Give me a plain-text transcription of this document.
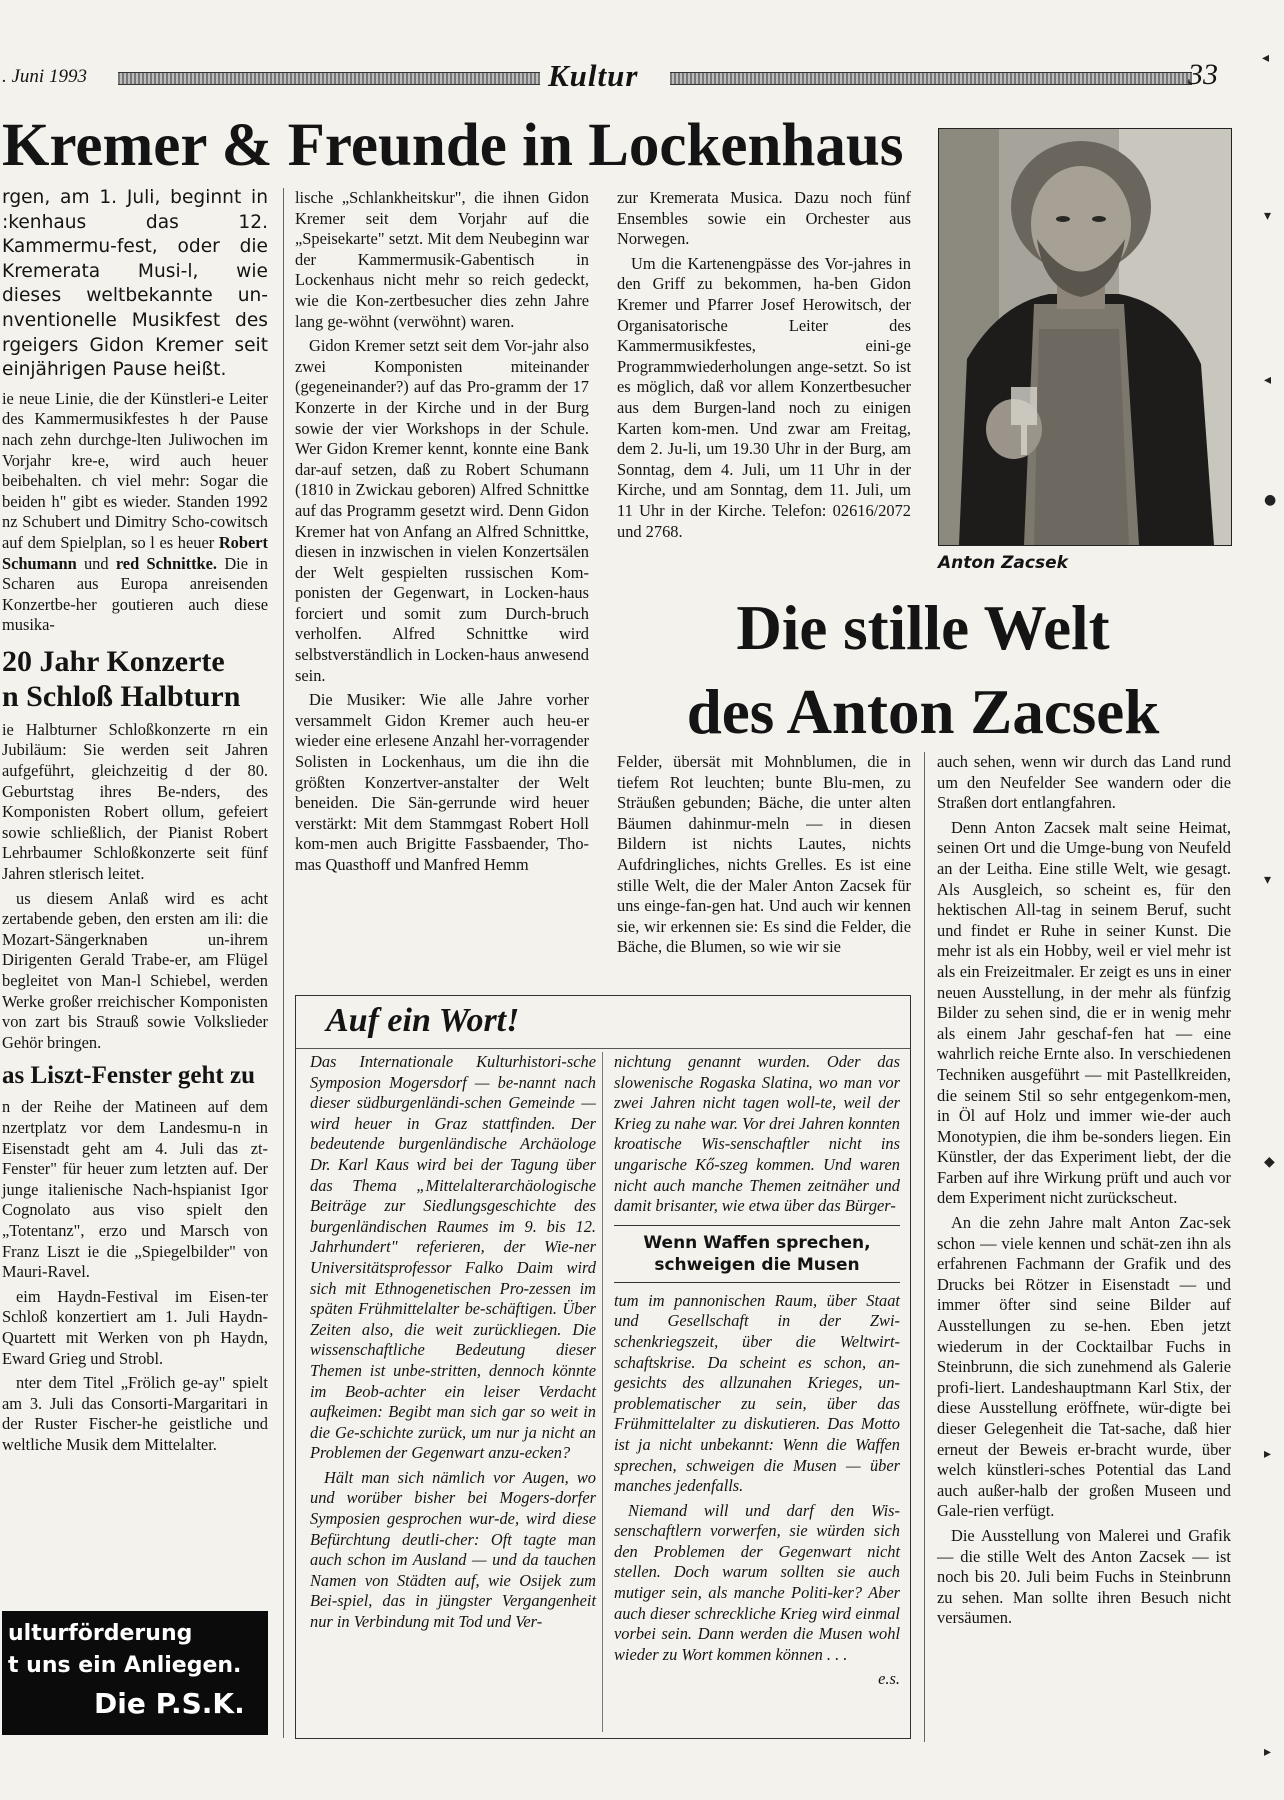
. Juni 1993	Kultur	33
Kremer & Freunde in Lockenhaus
rgen, am 1. Juli, beginnt in :kenhaus das 12. Kammermu-fest, oder die Kremerata Musi-l, wie dieses weltbekannte un-nventionelle Musikfest des rgeigers Gidon Kremer seit einjährigen Pause heißt.

ie neue Linie, die der Künstleri-e Leiter des Kammermusikfestes h der Pause nach zehn durchge-lten Juliwochen im Vorjahr kre-e, wird auch heuer beibehalten. ch viel mehr: Sogar die beiden h" gibt es wieder. Standen 1992 nz Schubert und Dimitry Scho-cowitsch auf dem Spielplan, so l es heuer Robert Schumann und red Schnittke. Die in Scharen aus Europa anreisenden Konzertbe-her goutieren auch diese musika-

20 Jahr Konzerte
n Schloß Halbturn

ie Halbturner Schloßkonzerte rn ein Jubiläum: Sie werden seit Jahren aufgeführt, gleichzeitig d der 80. Geburtstag ihres Be-nders, des Komponisten Robert ollum, gefeiert sowie schließlich, der Pianist Robert Lehrbaumer Schloßkonzerte seit fünf Jahren stlerisch leitet.

us diesem Anlaß wird es acht zertabende geben, den ersten am ili: die Mozart-Sängerknaben un-ihrem Dirigenten Gerald Trabe-er, am Flügel begleitet von Man-l Schiebel, werden Werke großer rreichischer Komponisten von zart bis Strauß sowie Volkslieder Gehör bringen.

as Liszt-Fenster geht zu

n der Reihe der Matineen auf dem nzertplatz vor dem Landesmu-n in Eisenstadt geht am 4. Juli das zt-Fenster" für heuer zum letzten auf. Der junge italienische Nach-hspianist Igor Cognolato aus viso spielt den „Totentanz", erzo und Marsch von Franz Liszt ie die „Spiegelbilder" von Mauri-Ravel.

eim Haydn-Festival im Eisen-ter Schloß konzertiert am 1. Juli Haydn-Quartett mit Werken von ph Haydn, Eward Grieg und Strobl.

nter dem Titel „Frölich ge-ay" spielt am 3. Juli das Consorti-Margaritari in der Ruster Fischer-he geistliche und weltliche Musik dem Mittelalter.

ulturförderung
t uns ein Anliegen.
Die P.S.K.

lische „Schlankheitskur", die ihnen Gidon Kremer seit dem Vorjahr auf die „Speisekarte" setzt. Mit dem Neubeginn war der Kammermusik-Gabentisch in Lockenhaus nicht mehr so reich gedeckt, wie die Kon-zertbesucher dies zehn Jahre lang ge-wöhnt (verwöhnt) waren.

Gidon Kremer setzt seit dem Vor-jahr also zwei Komponisten miteinander (gegeneinander?) auf das Pro-gramm der 17 Konzerte in der Kirche und in der Burg sowie der vier Workshops in der Schule. Wer Gidon Kremer kennt, konnte eine Bank dar-auf setzen, daß zu Robert Schumann (1810 in Zwickau geboren) Alfred Schnittke auf das Programm gesetzt wird. Denn Gidon Kremer hat von Anfang an Alfred Schnittke, diesen in inzwischen in vielen Konzertsälen der Welt gespielten russischen Kom-ponisten der Gegenwart, in Locken-haus forciert und somit zum Durch-bruch verholfen. Alfred Schnittke wird selbstverständlich in Locken-haus anwesend sein.

Die Musiker: Wie alle Jahre vorher versammelt Gidon Kremer auch heu-er wieder eine erlesene Anzahl her-vorragender Solisten in Lockenhaus, um die ihn die größten Konzertver-anstalter der Welt beneiden. Die Sän-gerrunde wird heuer verstärkt: Mit dem Stammgast Robert Holl kom-men auch Brigitte Fassbaender, Tho-mas Quasthoff und Manfred Hemm

zur Kremerata Musica. Dazu noch fünf Ensembles sowie ein Orchester aus Norwegen.

Um die Kartenengpässe des Vor-jahres in den Griff zu bekommen, ha-ben Gidon Kremer und Pfarrer Josef Herowitsch, der Organisatorische Leiter des Kammermusikfestes, eini-ge Programmwiederholungen ange-setzt. So ist es möglich, daß vor allem Konzertbesucher aus dem Burgen-land noch zu einigen Karten kom-men. Und zwar am Freitag, dem 2. Ju-li, um 19.30 Uhr in der Burg, am Sonntag, dem 4. Juli, um 11 Uhr in der Kirche, und am Sonntag, dem 11. Juli, um 11 Uhr in der Kirche. Telefon: 02616/2072 und 2768.

Anton Zacsek
Die stille Welt
des Anton Zacsek

Felder, übersät mit Mohnblumen, die in tiefem Rot leuchten; bunte Blu-men, zu Sträußen gebunden; Bäche, die unter alten Bäumen dahinmur-meln — in diesen Bildern ist nichts Lautes, nichts Aufdringliches, nichts Grelles. Es ist eine stille Welt, die der Maler Anton Zacsek für uns einge-fan-gen hat. Und auch wir kennen sie, wir erkennen sie: Es sind die Felder, die Bäche, die Blumen, so wie wir sie

auch sehen, wenn wir durch das Land rund um den Neufelder See wandern oder die Straßen dort entlangfahren.

Denn Anton Zacsek malt seine Heimat, seinen Ort und die Umge-bung von Neufeld an der Leitha. Eine stille Welt, wie gesagt. Als Ausgleich, so scheint es, für den hektischen All-tag in seinem Beruf, sucht und findet er Ruhe in seiner Kunst. Die mehr ist als ein Hobby, weil er viel mehr ist als ein Freizeitmaler. Er zeigt es uns in einer neuen Ausstellung, in der mehr als fünfzig Bilder zu sehen sind, die er in wenig mehr als einem Jahr geschaf-fen hat — eine wahrlich reiche Ernte also. In verschiedenen Techniken ausgeführt — mit Pastellkreiden, die seinem Stil so sehr entgegenkom-men, in Öl auf Holz und immer wie-der auch Monotypien, die ihm be-sonders liegen. Ein Künstler, der das Experiment liebt, der die Farben auf ihre Wirkung prüft und auch vor dem Experiment nicht zurückscheut.

An die zehn Jahre malt Anton Zac-sek schon — viele kennen und schät-zen ihn als erfahrenen Fachmann der Grafik und des Drucks bei Rötzer in Eisenstadt — und immer öfter sind seine Bilder auf Ausstellungen zu se-hen. Eben jetzt wiederum in der Cocktailbar Fuchs in Steinbrunn, die sich zunehmend als Galerie profi-liert. Landeshauptmann Karl Stix, der diese Ausstellung eröffnete, wür-digte bei dieser Gelegenheit die Tat-sache, daß hier erneut der Beweis er-bracht wurde, über welch künstleri-sches Potential das Land auch außer-halb der großen Museen und Gale-rien verfügt.

Die Ausstellung von Malerei und Grafik — die stille Welt des Anton Zacsek — ist noch bis 20. Juli beim Fuchs in Steinbrunn zu sehen. Man sollte ihren Besuch nicht versäumen.

Auf ein Wort!

Das Internationale Kulturhistori-sche Symposion Mogersdorf — be-nannt nach dieser südburgenländi-schen Gemeinde — wird heuer in Graz stattfinden. Der bedeutende burgenländische Archäologe Dr. Karl Kaus wird bei der Tagung über das Thema „Mittelalterarchäologische Beiträge zur Siedlungsgeschichte des burgenländischen Raumes im 9. bis 12. Jahrhundert" referieren, der Wie-ner Universitätsprofessor Falko Daim wird sich mit Ethnogenetischen Pro-zessen im späten Frühmittelalter be-schäftigen. Über Zeiten also, die weit zurückliegen. Die wissenschaftliche Bedeutung dieser Themen ist unbe-stritten, dennoch könnte im Beob-achter ein leiser Verdacht aufkeimen: Begibt man sich gar so weit in die Ge-schichte zurück, um nur ja nicht an Problemen der Gegenwart anzu-ecken?

Hält man sich nämlich vor Augen, wo und worüber bisher bei Mogers-dorfer Symposien gesprochen wur-de, wird diese Befürchtung deutli-cher: Oft tagte man auch schon im Ausland — und da tauchen Namen von Städten auf, wie Osijek zum Bei-spiel, das in jüngster Vergangenheit nur in Verbindung mit Tod und Ver-

nichtung genannt wurden. Oder das slowenische Rogaska Slatina, wo man vor zwei Jahren nicht tagen woll-te, weil der Krieg zu nahe war. Vor drei Jahren konnten kroatische Wis-senschaftler nicht ins ungarische Kő-szeg kommen. Und waren nicht auch manche Themen zeitnäher und damit brisanter, wie etwa über das Bürger-

Wenn Waffen sprechen, schweigen die Musen

tum im pannonischen Raum, über Staat und Gesellschaft in der Zwi-schenkriegszeit, über die Weltwirt-schaftskrise. Da scheint es schon, an-gesichts des allzunahen Krieges, un-problematischer zu sein, über das Frühmittelalter zu diskutieren. Das Motto ist ja nicht unbekannt: Wenn die Waffen sprechen, schweigen die Musen — über manches jedenfalls.

Niemand will und darf den Wis-senschaftlern vorwerfen, sie würden sich den Problemen der Gegenwart nicht stellen. Doch warum sollten sie auch mutiger sein, als manche Politi-ker? Aber auch dieser schreckliche Krieg wird einmal vorbei sein. Dann werden die Musen wohl wieder zu Wort kommen können . . .

e.s.
◂
▾
◂
●
▾
◆
▸
▸
